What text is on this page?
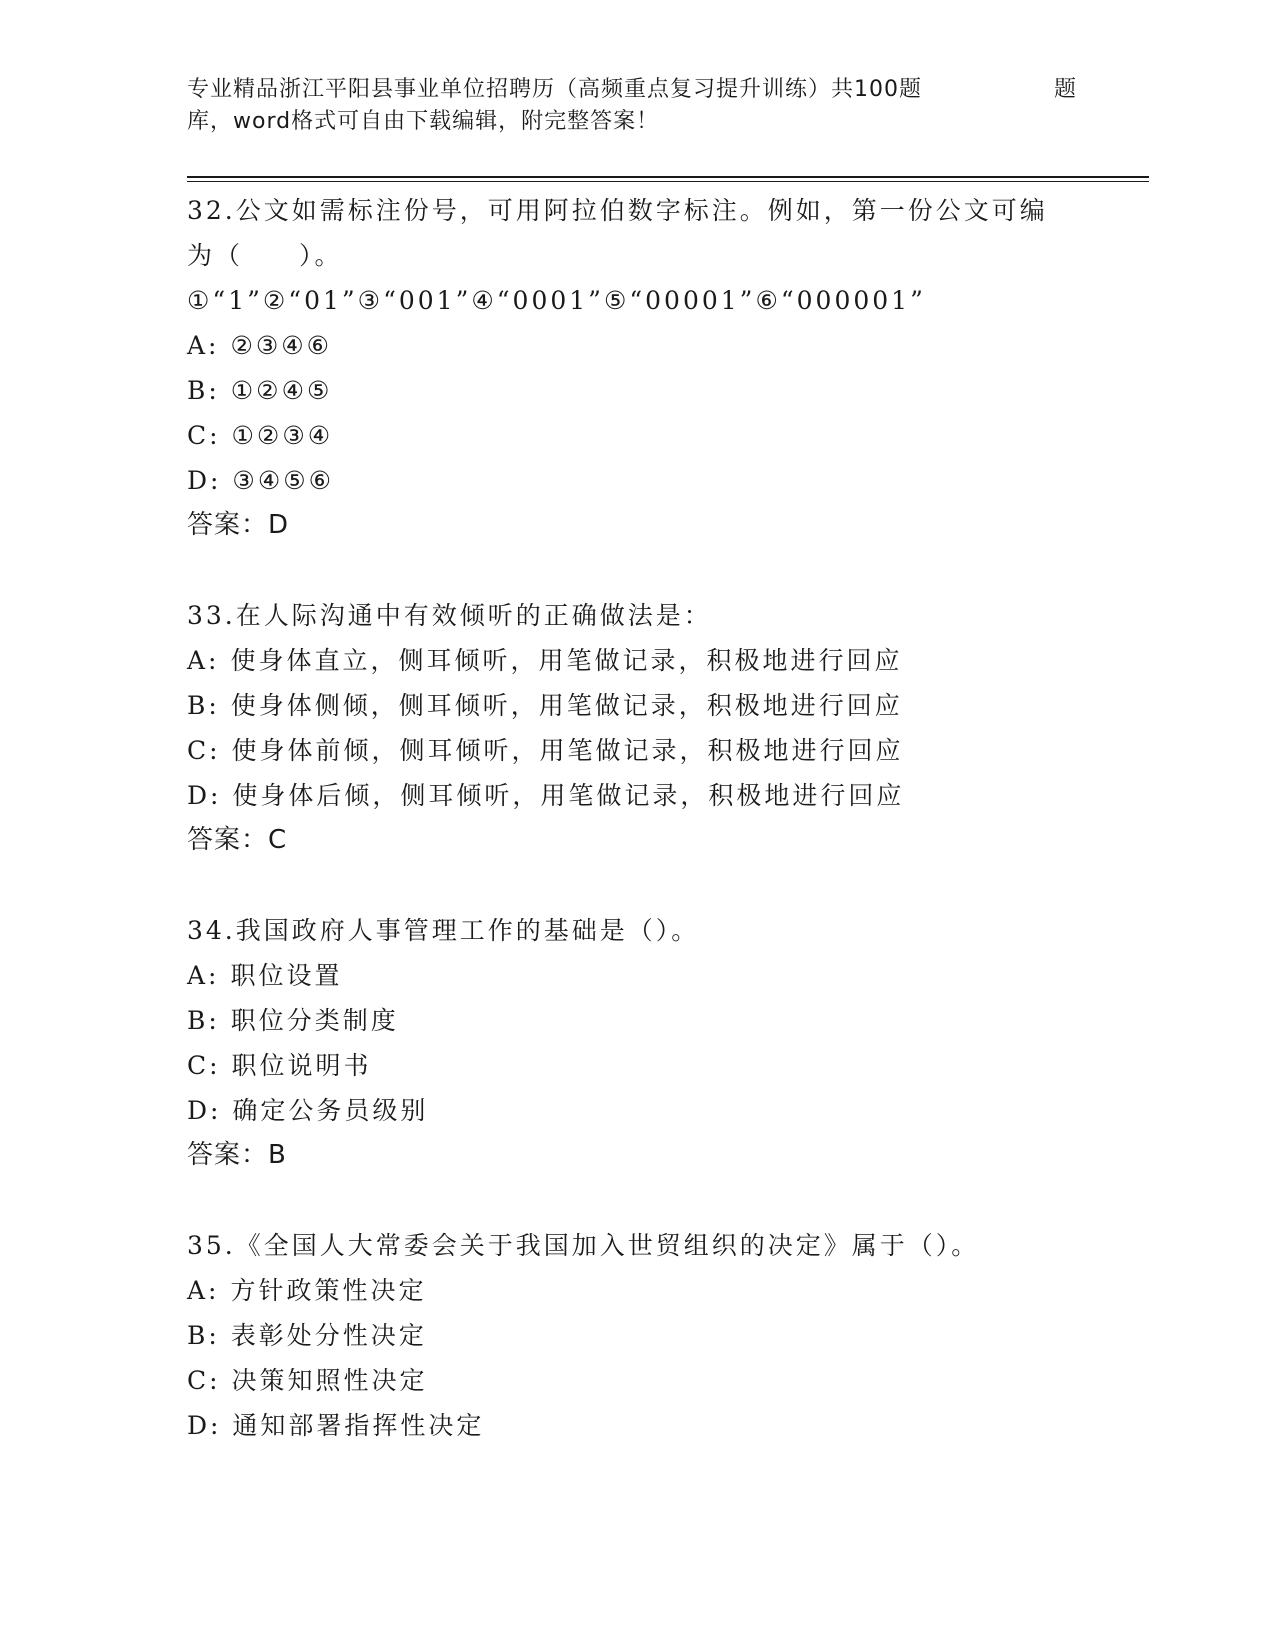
专业精品浙江平阳县事业单位招聘历（高频重点复习提升训练）共100题	题
库，word格式可自由下载编辑，附完整答案！
32.公文如需标注份号，可用阿拉伯数字标注。例如，第一份公文可编
为（　　）。
①“1”②“01”③“001”④“0001”⑤“00001”⑥“000001”
A: ②③④⑥
B: ①②④⑤
C: ①②③④
D: ③④⑤⑥
答案：D
33.在人际沟通中有效倾听的正确做法是：
A: 使身体直立，侧耳倾听，用笔做记录，积极地进行回应
B: 使身体侧倾，侧耳倾听，用笔做记录，积极地进行回应
C: 使身体前倾，侧耳倾听，用笔做记录，积极地进行回应
D: 使身体后倾，侧耳倾听，用笔做记录，积极地进行回应
答案：C
34.我国政府人事管理工作的基础是（）。
A: 职位设置
B: 职位分类制度
C: 职位说明书
D: 确定公务员级别
答案：B
35.《全国人大常委会关于我国加入世贸组织的决定》属于（）。
A: 方针政策性决定
B: 表彰处分性决定
C: 决策知照性决定
D: 通知部署指挥性决定
